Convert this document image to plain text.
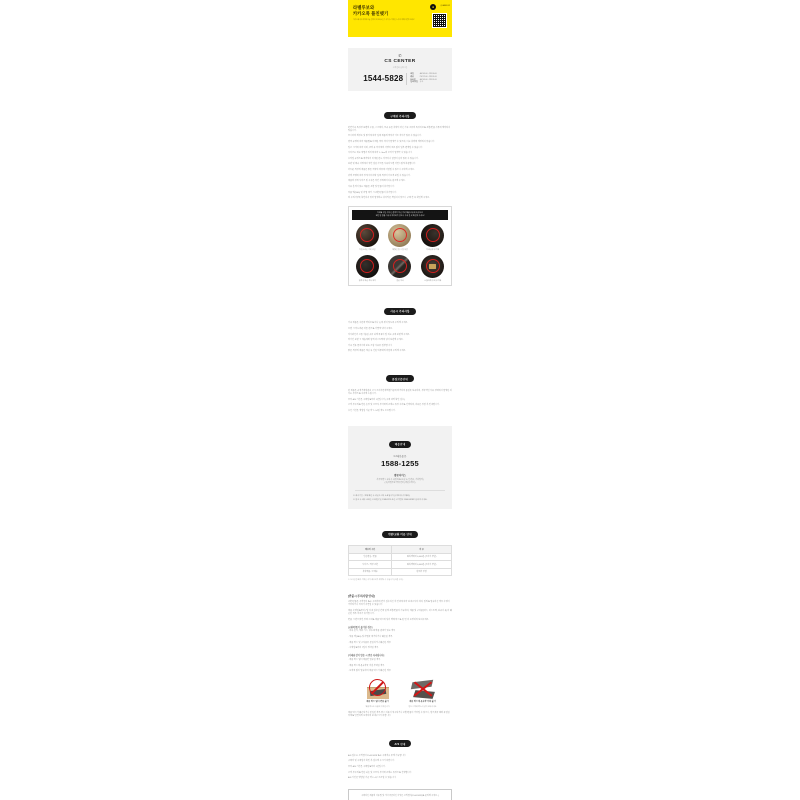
라벨루보와
카카오톡 플친맺기
카카오톡에서 라벨루보를 검색하고 플러스친구 추가 후 다양한 소식과 혜택을 받아보세요!
●	@LABELUVO
✆
CS CENTER
고객센터 운영시간
1544-5828	평일	AM 09:00 - PM 06:00
점심	PM 12:00 - PM 01:00
토요일	AM 09:00 - PM 01:00
일/공휴일	휴무
구매전 주의사항
천연가죽 특성상 표면의 주름, 스크래치, 모공 등은 불량이 아닌 가죽 고유의 특성이므로 교환/반품 사유에 해당되지 않습니다.
모니터의 해상도 및 밝기에 따라 실제 제품의 색상과 다소 차이가 있을 수 있습니다.
염색 공정에 따라 제품별로 미세한 색상 차이가 발생할 수 있으며, 이는 불량에 해당되지 않습니다.
입고 시기에 따라 지퍼, 금장 등 부자재의 사양이 예고 없이 일부 변경될 수 있습니다.
사이즈는 재는 방법과 위치에 따라 1~3cm의 오차가 발생할 수 있습니다.
수작업 공정으로 제작되어 미세한 본드 자국이나 실밥이 남아 있을 수 있습니다.
보관 및 배송 과정에서 생긴 접힘 자국은 사용하시면 자연스럽게 복원됩니다.
어두운 색상의 제품은 밝은 색상의 의류에 이염될 수 있으니 주의해 주세요.
촬영 조명에 따라 상세 이미지와 실제 색상이 다르게 보일 수 있습니다.
제품의 상세 사이즈 및 구성은 상단 상세페이지를 참고해 주세요.
사용 흔적이 있는 제품은 교환 및 반품이 불가합니다.
상품 택(TAG) 및 라벨 제거 시 교환/반품이 불가합니다.
위 주의사항을 확인하지 않아 발생하는 불이익은 책임지지 않으니 구매 전 꼭 확인해 주세요.
아래와 같은 경우는 불량이 아닌 가죽 제품 고유의 특성으로
교환 및 반품 사유에 해당되지 않으니 구매 전 꼭 확인해 주세요!
자연스러운 가죽 주름	재봉선 및 시접 마감	지퍼/금장 부자재
염색에 따른 색상 차이	접힘 자국	스냅/라벨 등의 부자재
사용시 주의사항
가죽 제품은 수분에 약하므로 비나 눈에 젖지 않도록 주의해 주세요.
오염 시 부드러운 마른 천으로 가볍게 닦아 주세요.
직사광선과 고온다습한 곳을 피해 통풍이 잘 되는 곳에 보관해 주세요.
장기간 보관 시 제습제와 함께 더스트백에 넣어 보관해 주세요.
가죽 전용 클리너와 보호 크림 사용을 권장합니다.
밝은 색상의 제품은 데님 등 진한 의류와의 마찰에 주의해 주세요.
품질보증안내
본 제품은 공정거래위원회 고시 소비자분쟁해결기준에 의거하여 품질을 보증하며, 정상적인 사용 상태에서 발생한 하자는 무상으로 수리해 드립니다.
무상 A/S 기간은 구매일로부터 1년입니다 (구매 내역 확인 필수).
고객 부주의로 인한 손상 및 소모성 부자재의 교체는 유상 수리로 진행되며, 비용은 상담 후 안내됩니다.
수선 기간은 영업일 기준 약 7~14일 정도 소요됩니다.
배송안내
CJ대한통운
1588-1255
방문서비스
서울특별시 송파구 올림픽로 35길 5 (신천동, 기흥빌딩)
(주)라벨루보 물류센터 (방문수령지)
※ 배송기간 : 결제 확인 후 평균 2~3일 소요됩니다 (주말/공휴일 제외).
※ 출고 후 배송 조회는 CJ대한통운 1588-1255 또는 고객센터 1544-5828로 문의해 주세요.
반품/교환 비용 안내
배송비 구분	비 용
단순변심 / 반품	왕복택배비 6,000원 (소비자 부담)
사이즈 / 색상 교환	왕복택배비 6,000원 (소비자 부담)
불량제품 / 오배송	판매자 부담
※ 도서산간/제주 지역은 추가 배송비가 발생할 수 있습니다 (착불 청구).
[반품시 주의사항 안내]
교환/반품은 고객센터 또는 구매처에 먼저 접수하신 후 안내에 따라 보내주셔야 하며, 임의로 발송하신 경우 수령이 거부되거나 처리가 지연될 수 있습니다.
제품 수령일로부터 7일 이내 접수된 건에 한해 교환/반품이 가능하며, 제품 및 구성품(박스, 더스트백, 보증서 등)이 훼손된 경우 처리가 불가합니다.
반품 시 받으셨던 상태 그대로 제품 박스에 넣어 택배 박스로 한 번 더 포장하여 보내주세요.
[교환/반품이 불가한 경우]
· 착용 흔적, 생활 기스, 향수/화장품 냄새가 있는 경우
· 상품 택(TAG) 및 라벨을 제거하거나 훼손한 경우
· 제품 박스 및 구성품을 분실하거나 훼손한 경우
· 수령일로부터 7일이 경과한 경우
[아래와 같이 발송 시 반송 처리됩니다]
· 제품 박스 없이 제품만 발송한 경우
· 제품 박스에 운송장을 직접 부착한 경우
· 포장재 없이 발송하여 제품 박스가 훼손된 경우
제품 박스 없이 반품 불가
제품 박스도 상품의 일부입니다
제품 박스에 운송장 부착 불가
반드시 택배 박스에 넣어 보내주세요
제품 박스가 훼손되거나 분실된 경우 박스 비용이 청구되거나 교환/반품이 거부될 수 있으니, 받으셨을 때와 동일한 상태로 안전하게 포장하여 보내주시기 바랍니다.
A/S 안내
A/S 접수는 고객센터 1544-5828 또는 구매처를 통해 가능합니다.
구매처 및 구매일자 확인 후 접수해 주시기 바랍니다.
무상 A/S 기간은 구매일로부터 1년입니다.
고객 부주의로 인한 파손 및 소모성 부자재 교체는 유상으로 진행됩니다.
A/S 기간은 영업일 기준 약 2~4주 소요될 수 있습니다.
구매하신 제품의 사용법 및 기타 궁금하신 사항은 고객센터(1544-5828)로 문의해 주세요 :)
